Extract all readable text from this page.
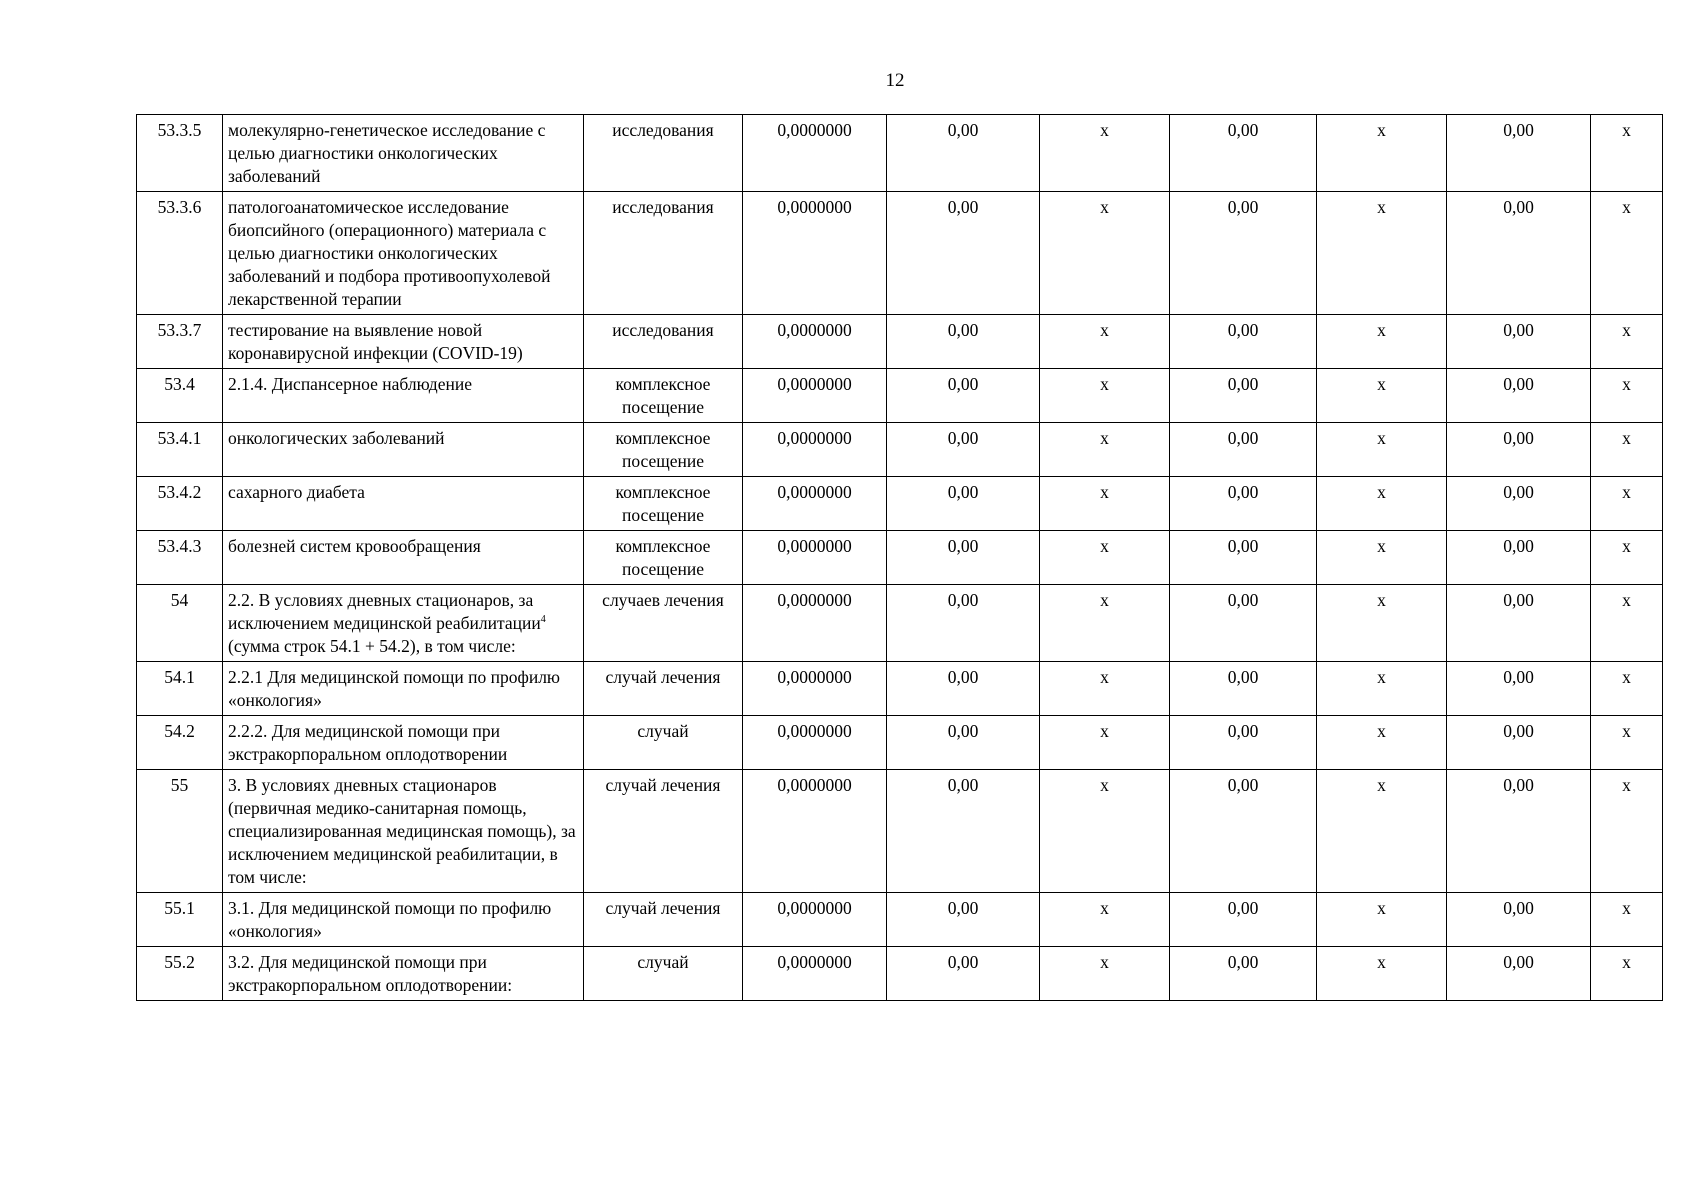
12
53.3.5	молекулярно-генетическое исследование с целью диагностики онкологических заболеваний	исследования	0,0000000	0,00	х	0,00	х	0,00	х
53.3.6	патологоанатомическое исследование биопсийного (операционного) материала с целью диагностики онкологических заболеваний и подбора противоопухолевой лекарственной терапии	исследования	0,0000000	0,00	х	0,00	х	0,00	х
53.3.7	тестирование на выявление новой коронавирусной инфекции (COVID-19)	исследования	0,0000000	0,00	х	0,00	х	0,00	х
53.4	2.1.4. Диспансерное наблюдение	комплексное посещение	0,0000000	0,00	х	0,00	х	0,00	х
53.4.1	онкологических заболеваний	комплексное посещение	0,0000000	0,00	х	0,00	х	0,00	х
53.4.2	сахарного диабета	комплексное посещение	0,0000000	0,00	х	0,00	х	0,00	х
53.4.3	болезней систем кровообращения	комплексное посещение	0,0000000	0,00	х	0,00	х	0,00	х
54	2.2. В условиях дневных стационаров, за исключением медицинской реабилитации$^4$ (сумма строк 54.1 + 54.2), в том числе:	случаев лечения	0,0000000	0,00	х	0,00	х	0,00	х
54.1	2.2.1 Для медицинской помощи по профилю «онкология»	случай лечения	0,0000000	0,00	х	0,00	х	0,00	х
54.2	2.2.2. Для медицинской помощи при экстракорпоральном оплодотворении	случай	0,0000000	0,00	х	0,00	х	0,00	х
55	3. В условиях дневных стационаров (первичная медико-санитарная помощь, специализированная медицинская помощь), за исключением медицинской реабилитации, в том числе:	случай лечения	0,0000000	0,00	х	0,00	х	0,00	х
55.1	3.1. Для медицинской помощи по профилю «онкология»	случай лечения	0,0000000	0,00	х	0,00	х	0,00	х
55.2	3.2. Для медицинской помощи при экстракорпоральном оплодотворении:	случай	0,0000000	0,00	х	0,00	х	0,00	х
